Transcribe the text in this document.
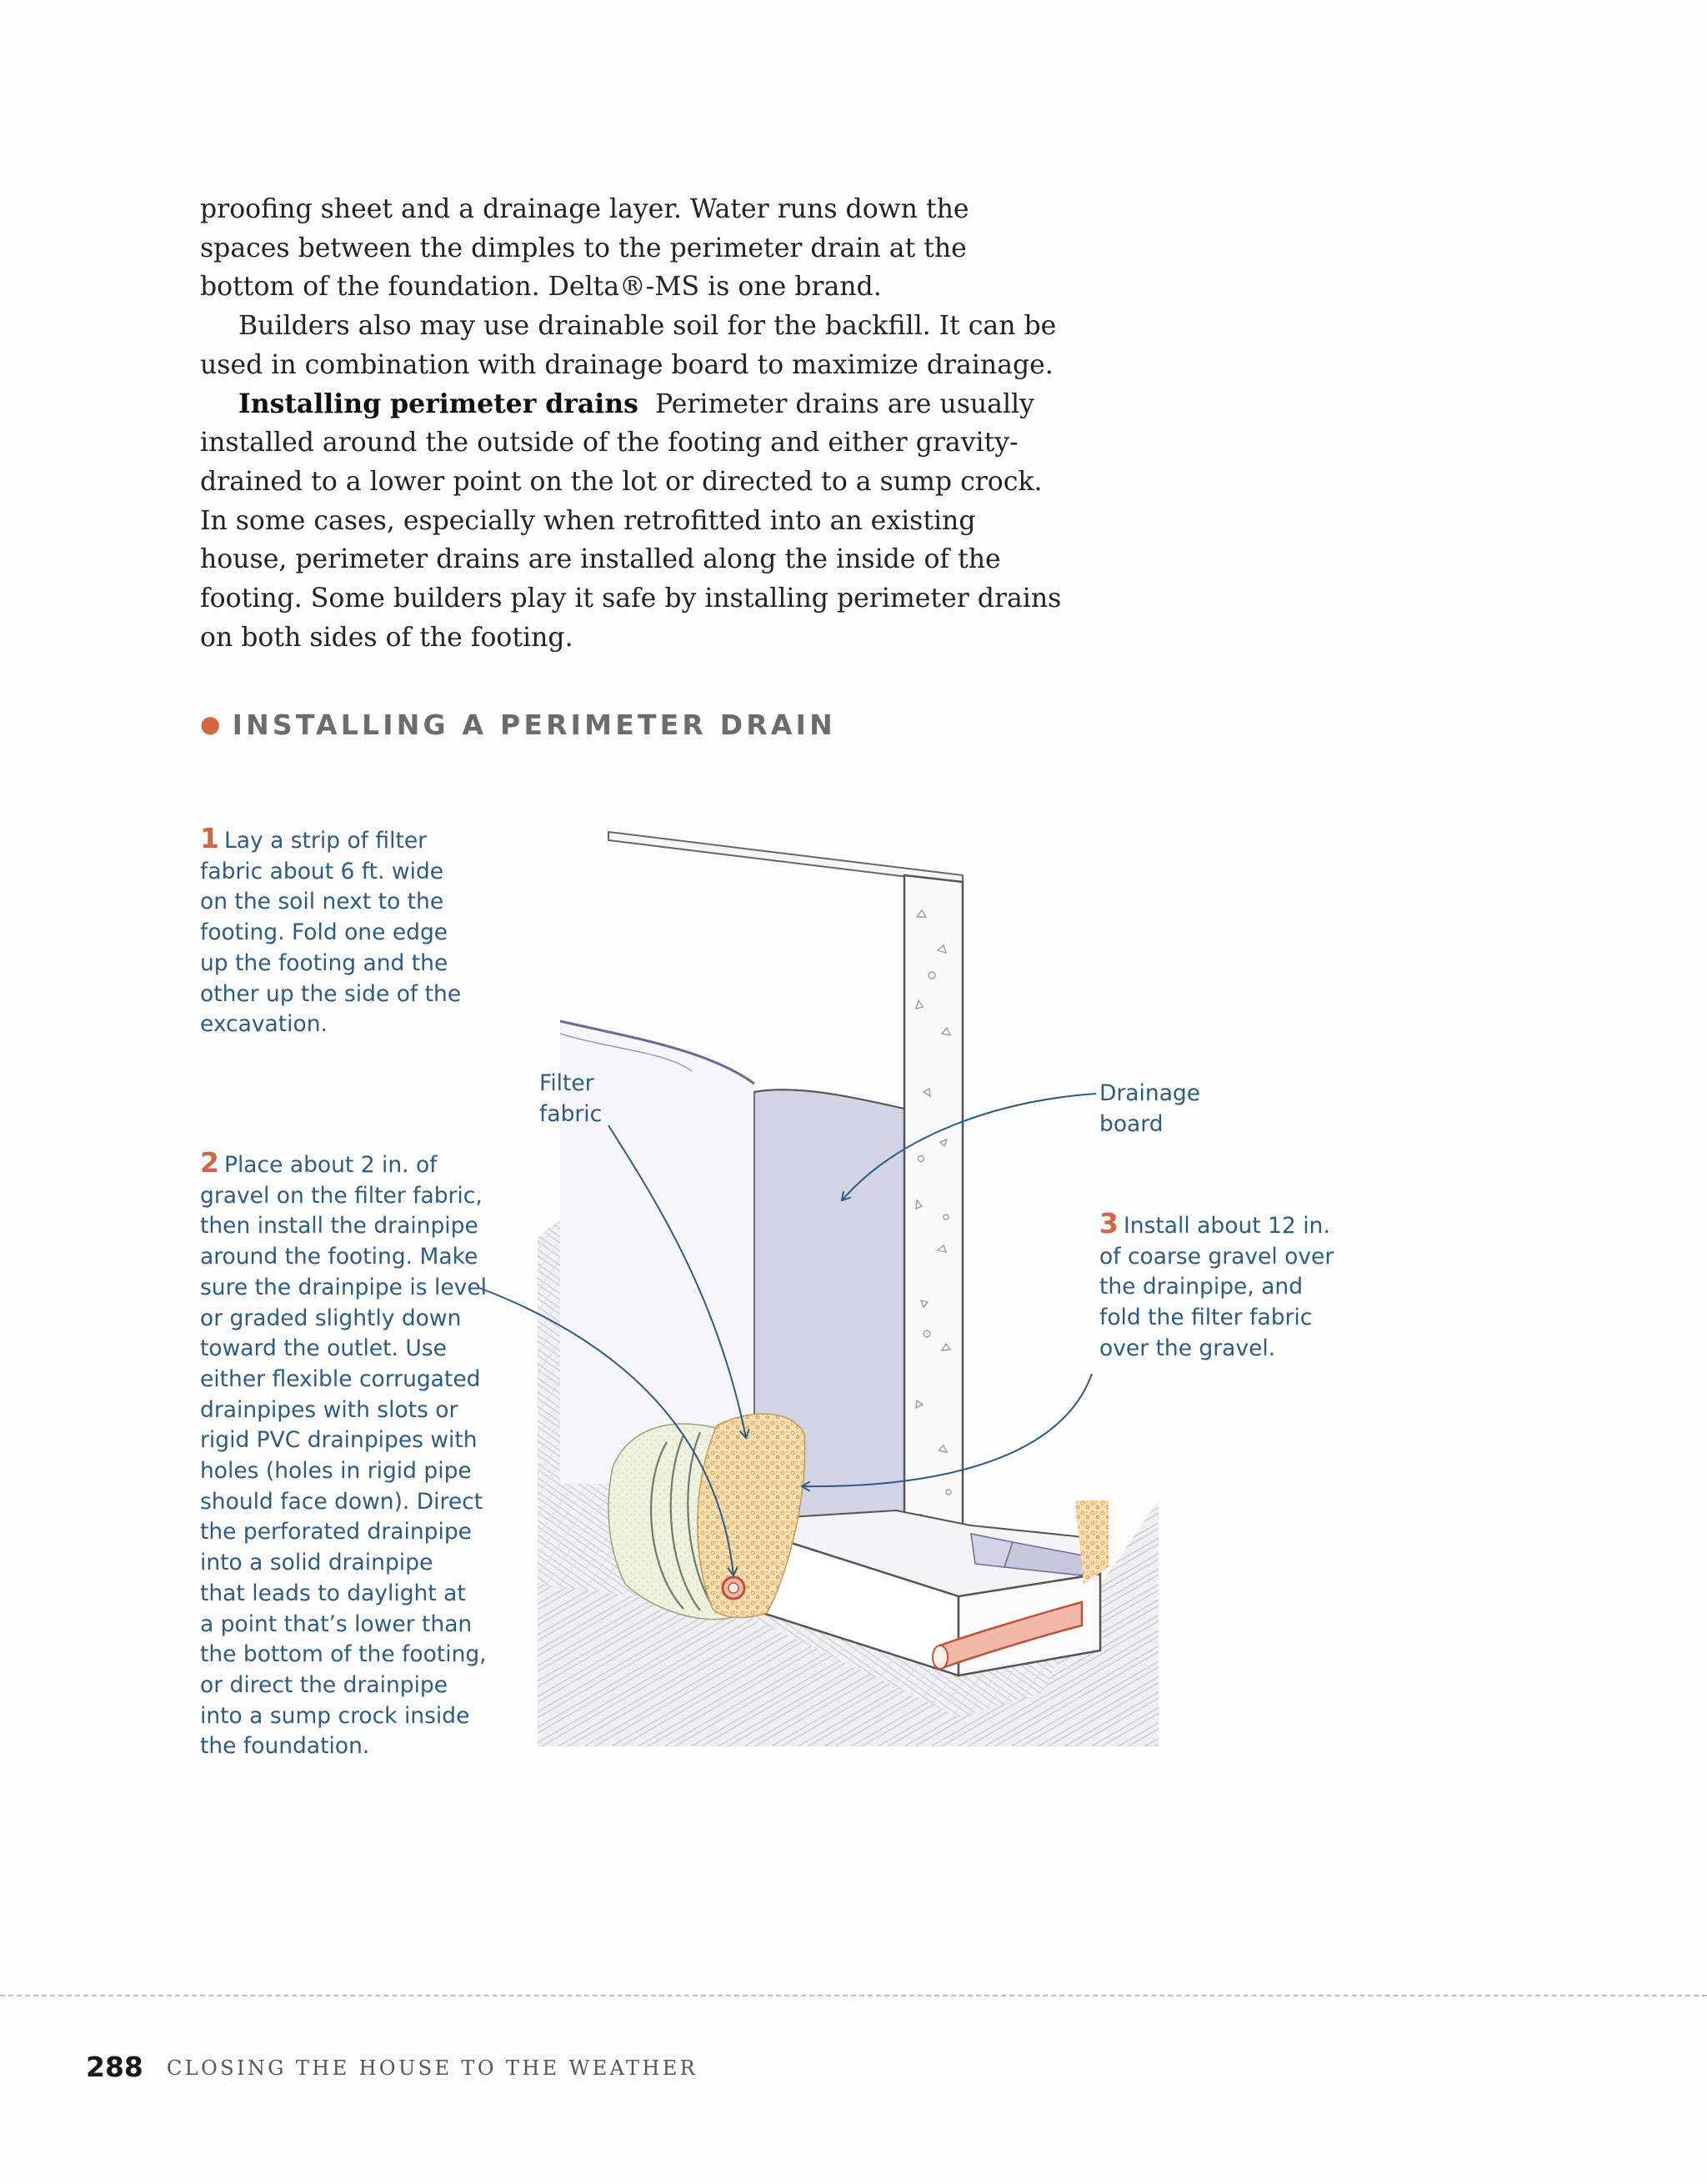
proofing sheet and a drainage layer. Water runs down the spaces between the dimples to the perimeter drain at the bottom of the foundation. Delta®-MS is one brand.

Builders also may use drainable soil for the backfill. It can be used in combination with drainage board to maximize drainage.

Installing perimeter drains Perimeter drains are usually installed around the outside of the footing and either gravity-drained to a lower point on the lot or directed to a sump crock. In some cases, especially when retrofitted into an existing house, perimeter drains are installed along the inside of the footing. Some builders play it safe by installing perimeter drains on both sides of the footing.

● INSTALLING A PERIMETER DRAIN
1 Lay a strip of filter
fabric about 6 ft. wide
on the soil next to the
footing. Fold one edge
up the footing and the
other up the side of the
excavation.
2 Place about 2 in. of
gravel on the filter fabric,
then install the drainpipe
around the footing. Make
sure the drainpipe is level
or graded slightly down
toward the outlet. Use
either flexible corrugated
drainpipes with slots or
rigid PVC drainpipes with
holes (holes in rigid pipe
should face down). Direct
the perforated drainpipe
into a solid drainpipe
that leads to daylight at
a point that’s lower than
the bottom of the footing,
or direct the drainpipe
into a sump crock inside
the foundation.
3 Install about 12 in.
of coarse gravel over
the drainpipe, and
fold the filter fabric
over the gravel.
Filter
fabric
Drainage
board
288 CLOSING THE HOUSE TO THE WEATHER
